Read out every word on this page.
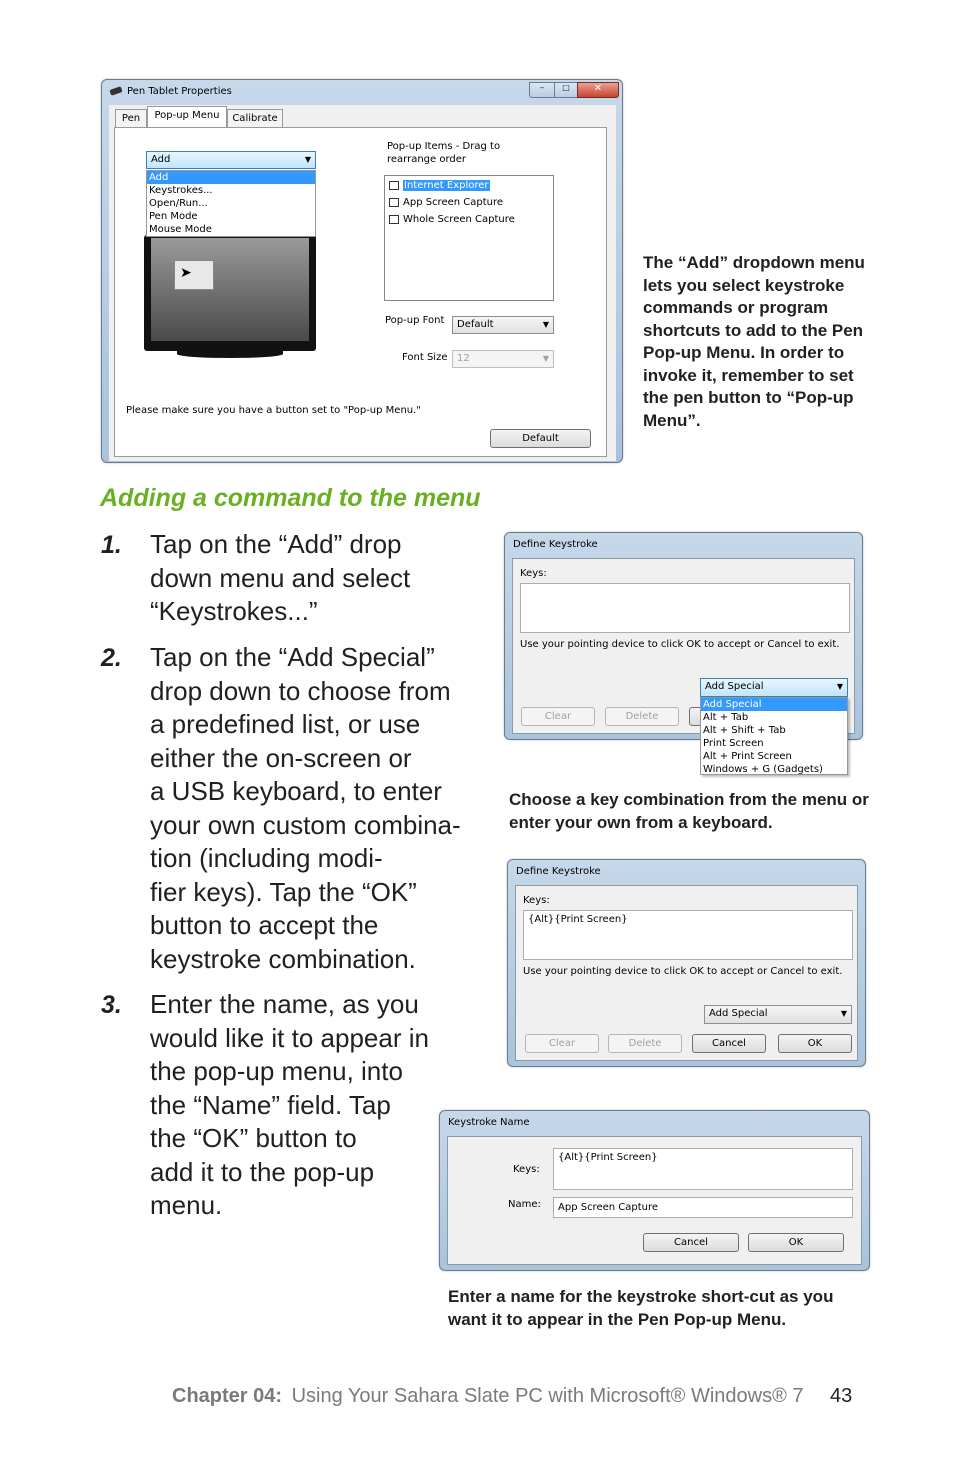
Pen Tablet Properties	–	□	✕
Pen	Pop-up Menu	Calibrate
➤
Add	▼
Add
Keystrokes...
Open/Run...
Pen Mode
Mouse Mode
Pop-up Items - Drag to rearrange order
Internet Explorer
App Screen Capture
Whole Screen Capture
Pop-up Font	Default	▼
Font Size 12	▼
Please make sure you have a button set to "Pop-up Menu."
Default
The “Add” dropdown menu lets you select keystroke commands or program shortcuts to add to the Pen Pop-up Menu. In order to invoke it, remember to set the pen button to “Pop-up Menu”.
Adding a command to the menu
1. Tap on the “Add” drop
down menu and select
“Keystrokes...”
2. Tap on the “Add Special”
drop down to choose from
a predefined list, or use
either the on-screen or
a USB keyboard, to enter
your own custom combina-
tion (including modi-
fier keys). Tap the “OK”
button to accept the
keystroke combination.
3. Enter the name, as you
would like it to appear in
the pop-up menu, into
the “Name” field. Tap
the “OK” button to
add it to the pop-up
menu.
Define Keystroke
Keys:
Use your pointing device to click OK to accept or Cancel to exit.
Clear	Delete
Add Special	▼
Add Special
Alt + Tab
Alt + Shift + Tab
Print Screen
Alt + Print Screen
Windows + G (Gadgets)
Choose a key combination from the menu or enter your own from a keyboard.
Define Keystroke
Keys:
{Alt}{Print Screen}
Use your pointing device to click OK to accept or Cancel to exit.
Add Special	▼
Clear	Delete	Cancel	OK
Keystroke Name
Keys:
{Alt}{Print Screen}
Name: App Screen Capture
Cancel	OK
Enter a name for the keystroke short-cut as you want it to appear in the Pen Pop-up Menu.
Chapter 04: Using Your Sahara Slate PC with Microsoft® Windows® 7 43
